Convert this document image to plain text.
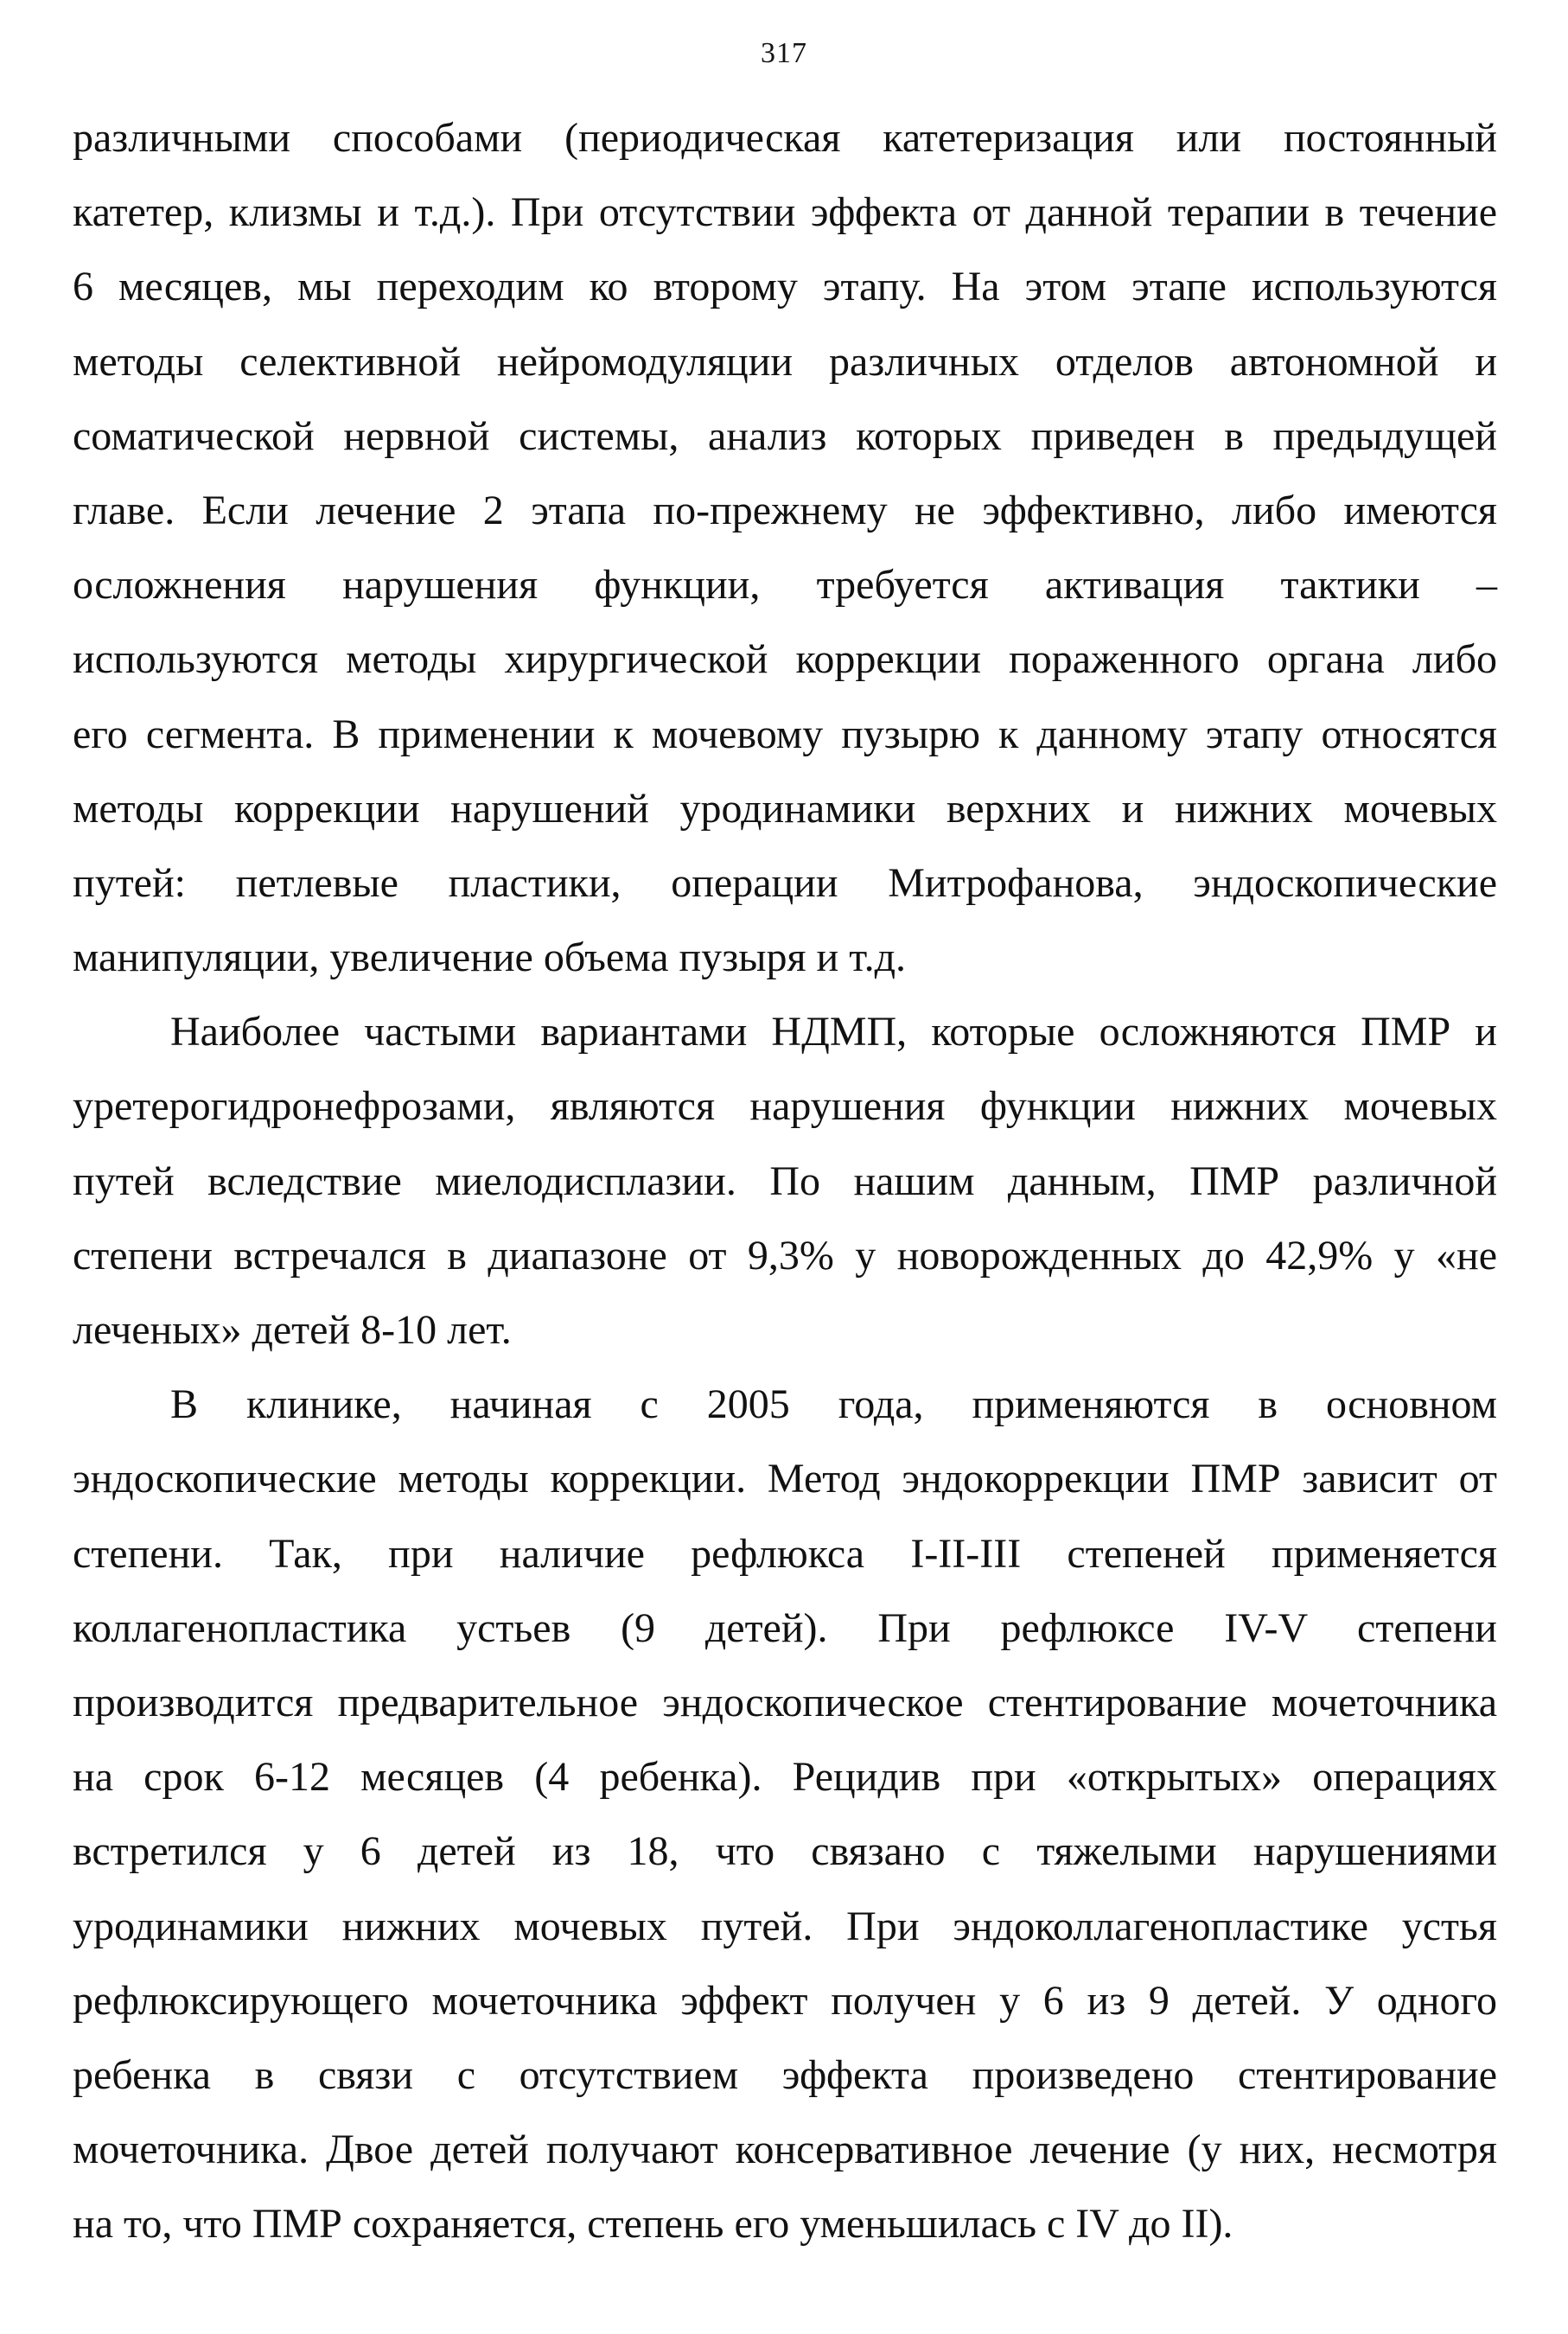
317
различными способами (периодическая катетеризация или постоянный
катетер, клизмы и т.д.). При отсутствии эффекта от данной терапии в течение
6 месяцев, мы переходим ко второму этапу. На этом этапе используются
методы селективной нейромодуляции различных отделов автономной и
соматической нервной системы, анализ которых приведен в предыдущей
главе. Если лечение 2 этапа по-прежнему не эффективно, либо имеются
осложнения нарушения функции, требуется активация тактики –
используются методы хирургической коррекции пораженного органа либо
его сегмента. В применении к мочевому пузырю к данному этапу относятся
методы коррекции нарушений уродинамики верхних и нижних мочевых
путей: петлевые пластики, операции Митрофанова, эндоскопические
манипуляции, увеличение объема пузыря и т.д.
Наиболее частыми вариантами НДМП, которые осложняются ПМР и
уретерогидронефрозами, являются нарушения функции нижних мочевых
путей вследствие миелодисплазии. По нашим данным, ПМР различной
степени встречался в диапазоне от 9,3% у новорожденных до 42,9% у «не
леченых» детей 8-10 лет.
В клинике, начиная с 2005 года, применяются в основном
эндоскопические методы коррекции. Метод эндокоррекции ПМР зависит от
степени. Так, при наличие рефлюкса I-II-III степеней применяется
коллагенопластика устьев (9 детей). При рефлюксе IV-V степени
производится предварительное эндоскопическое стентирование мочеточника
на срок 6-12 месяцев (4 ребенка). Рецидив при «открытых» операциях
встретился у 6 детей из 18, что связано с тяжелыми нарушениями
уродинамики нижних мочевых путей. При эндоколлагенопластике устья
рефлюксирующего мочеточника эффект получен у 6 из 9 детей. У одного
ребенка в связи с отсутствием эффекта произведено стентирование
мочеточника. Двое детей получают консервативное лечение (у них, несмотря
на то, что ПМР сохраняется, степень его уменьшилась с IV до II).
